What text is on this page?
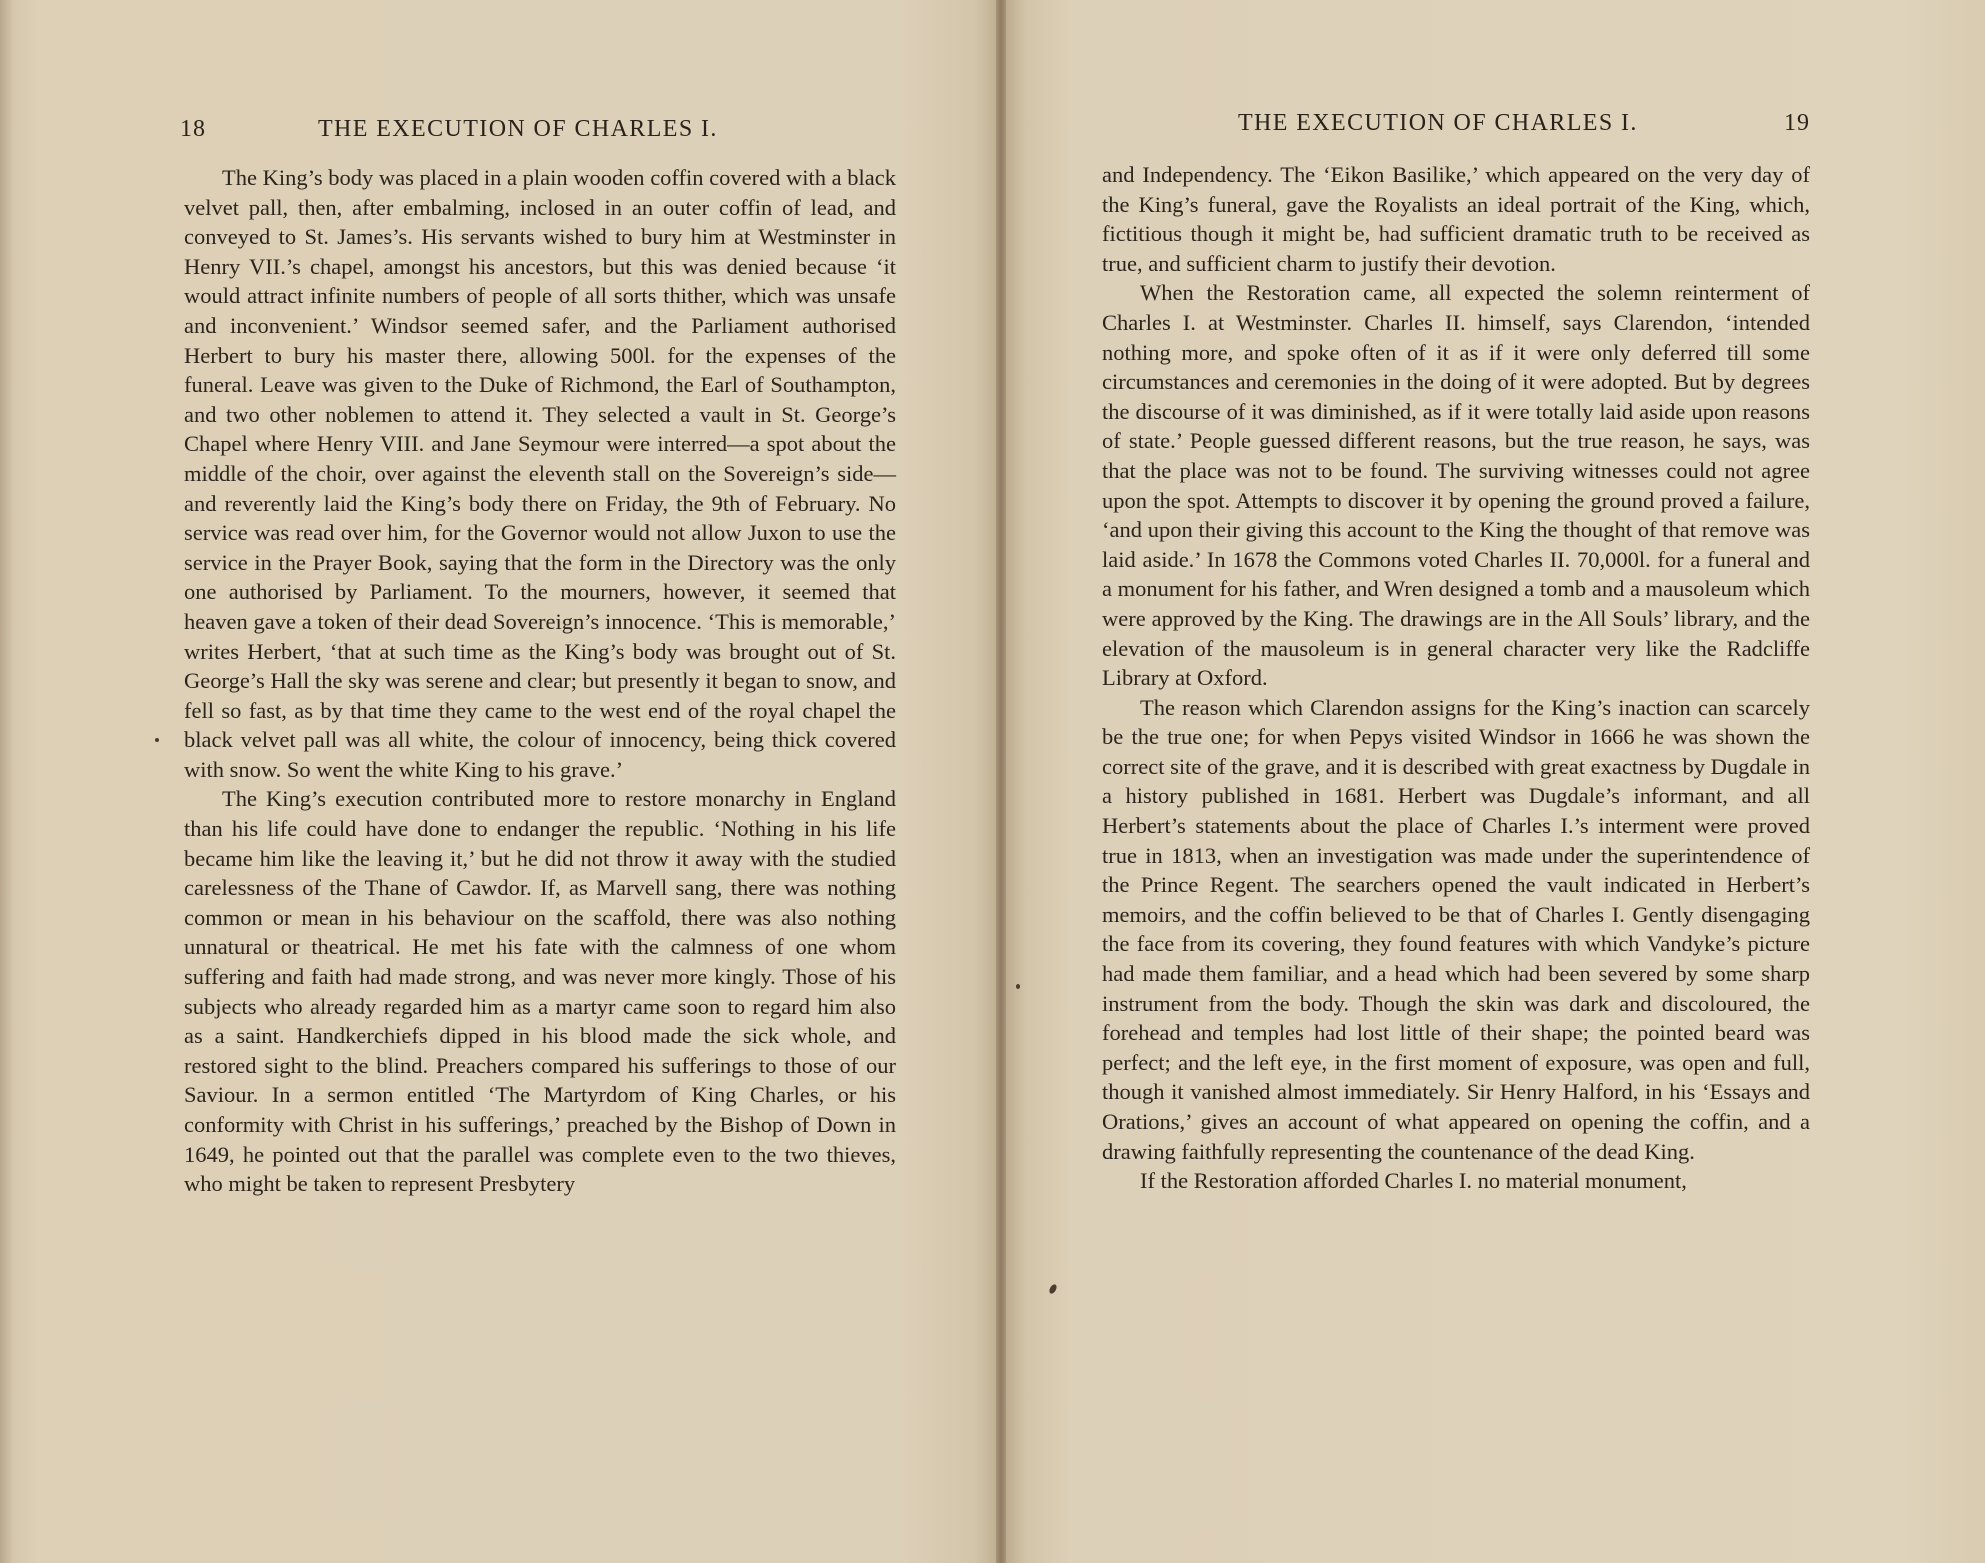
18	THE EXECUTION OF CHARLES I.

The King’s body was placed in a plain wooden coffin covered with a black velvet pall, then, after embalming, inclosed in an outer coffin of lead, and conveyed to St. James’s. His servants wished to bury him at Westminster in Henry VII.’s chapel, amongst his ancestors, but this was denied because ‘it would attract infinite numbers of people of all sorts thither, which was unsafe and inconvenient.’ Windsor seemed safer, and the Parliament authorised Herbert to bury his master there, allowing 500l. for the expenses of the funeral. Leave was given to the Duke of Richmond, the Earl of Southampton, and two other noblemen to attend it. They selected a vault in St. George’s Chapel where Henry VIII. and Jane Seymour were interred—a spot about the middle of the choir, over against the eleventh stall on the Sovereign’s side—and reverently laid the King’s body there on Friday, the 9th of February. No service was read over him, for the Governor would not allow Juxon to use the service in the Prayer Book, saying that the form in the Directory was the only one authorised by Parliament. To the mourners, however, it seemed that heaven gave a token of their dead Sovereign’s innocence. ‘This is memorable,’ writes Herbert, ‘that at such time as the King’s body was brought out of St. George’s Hall the sky was serene and clear; but presently it began to snow, and fell so fast, as by that time they came to the west end of the royal chapel the black velvet pall was all white, the colour of innocency, being thick covered with snow. So went the white King to his grave.’

The King’s execution contributed more to restore monarchy in England than his life could have done to endanger the republic. ‘Nothing in his life became him like the leaving it,’ but he did not throw it away with the studied carelessness of the Thane of Cawdor. If, as Marvell sang, there was nothing common or mean in his behaviour on the scaffold, there was also nothing unnatural or theatrical. He met his fate with the calmness of one whom suffering and faith had made strong, and was never more kingly. Those of his subjects who already regarded him as a martyr came soon to regard him also as a saint. Handkerchiefs dipped in his blood made the sick whole, and restored sight to the blind. Preachers compared his sufferings to those of our Saviour. In a sermon entitled ‘The Martyrdom of King Charles, or his conformity with Christ in his sufferings,’ preached by the Bishop of Down in 1649, he pointed out that the parallel was complete even to the two thieves, who might be taken to represent Presbytery

THE EXECUTION OF CHARLES I.	19

and Independency. The ‘Eikon Basilike,’ which appeared on the very day of the King’s funeral, gave the Royalists an ideal portrait of the King, which, fictitious though it might be, had sufficient dramatic truth to be received as true, and sufficient charm to justify their devotion.

When the Restoration came, all expected the solemn reinterment of Charles I. at Westminster. Charles II. himself, says Clarendon, ‘intended nothing more, and spoke often of it as if it were only deferred till some circumstances and ceremonies in the doing of it were adopted. But by degrees the discourse of it was diminished, as if it were totally laid aside upon reasons of state.’ People guessed different reasons, but the true reason, he says, was that the place was not to be found. The surviving witnesses could not agree upon the spot. Attempts to discover it by opening the ground proved a failure, ‘and upon their giving this account to the King the thought of that remove was laid aside.’ In 1678 the Commons voted Charles II. 70,000l. for a funeral and a monument for his father, and Wren designed a tomb and a mausoleum which were approved by the King. The drawings are in the All Souls’ library, and the elevation of the mausoleum is in general character very like the Radcliffe Library at Oxford.

The reason which Clarendon assigns for the King’s inaction can scarcely be the true one; for when Pepys visited Windsor in 1666 he was shown the correct site of the grave, and it is described with great exactness by Dugdale in a history published in 1681. Herbert was Dugdale’s informant, and all Herbert’s statements about the place of Charles I.’s interment were proved true in 1813, when an investigation was made under the superintendence of the Prince Regent. The searchers opened the vault indicated in Herbert’s memoirs, and the coffin believed to be that of Charles I. Gently disengaging the face from its covering, they found features with which Vandyke’s picture had made them familiar, and a head which had been severed by some sharp instrument from the body. Though the skin was dark and discoloured, the forehead and temples had lost little of their shape; the pointed beard was perfect; and the left eye, in the first moment of exposure, was open and full, though it vanished almost immediately. Sir Henry Halford, in his ‘Essays and Orations,’ gives an account of what appeared on opening the coffin, and a drawing faithfully representing the countenance of the dead King.

If the Restoration afforded Charles I. no material monument,
